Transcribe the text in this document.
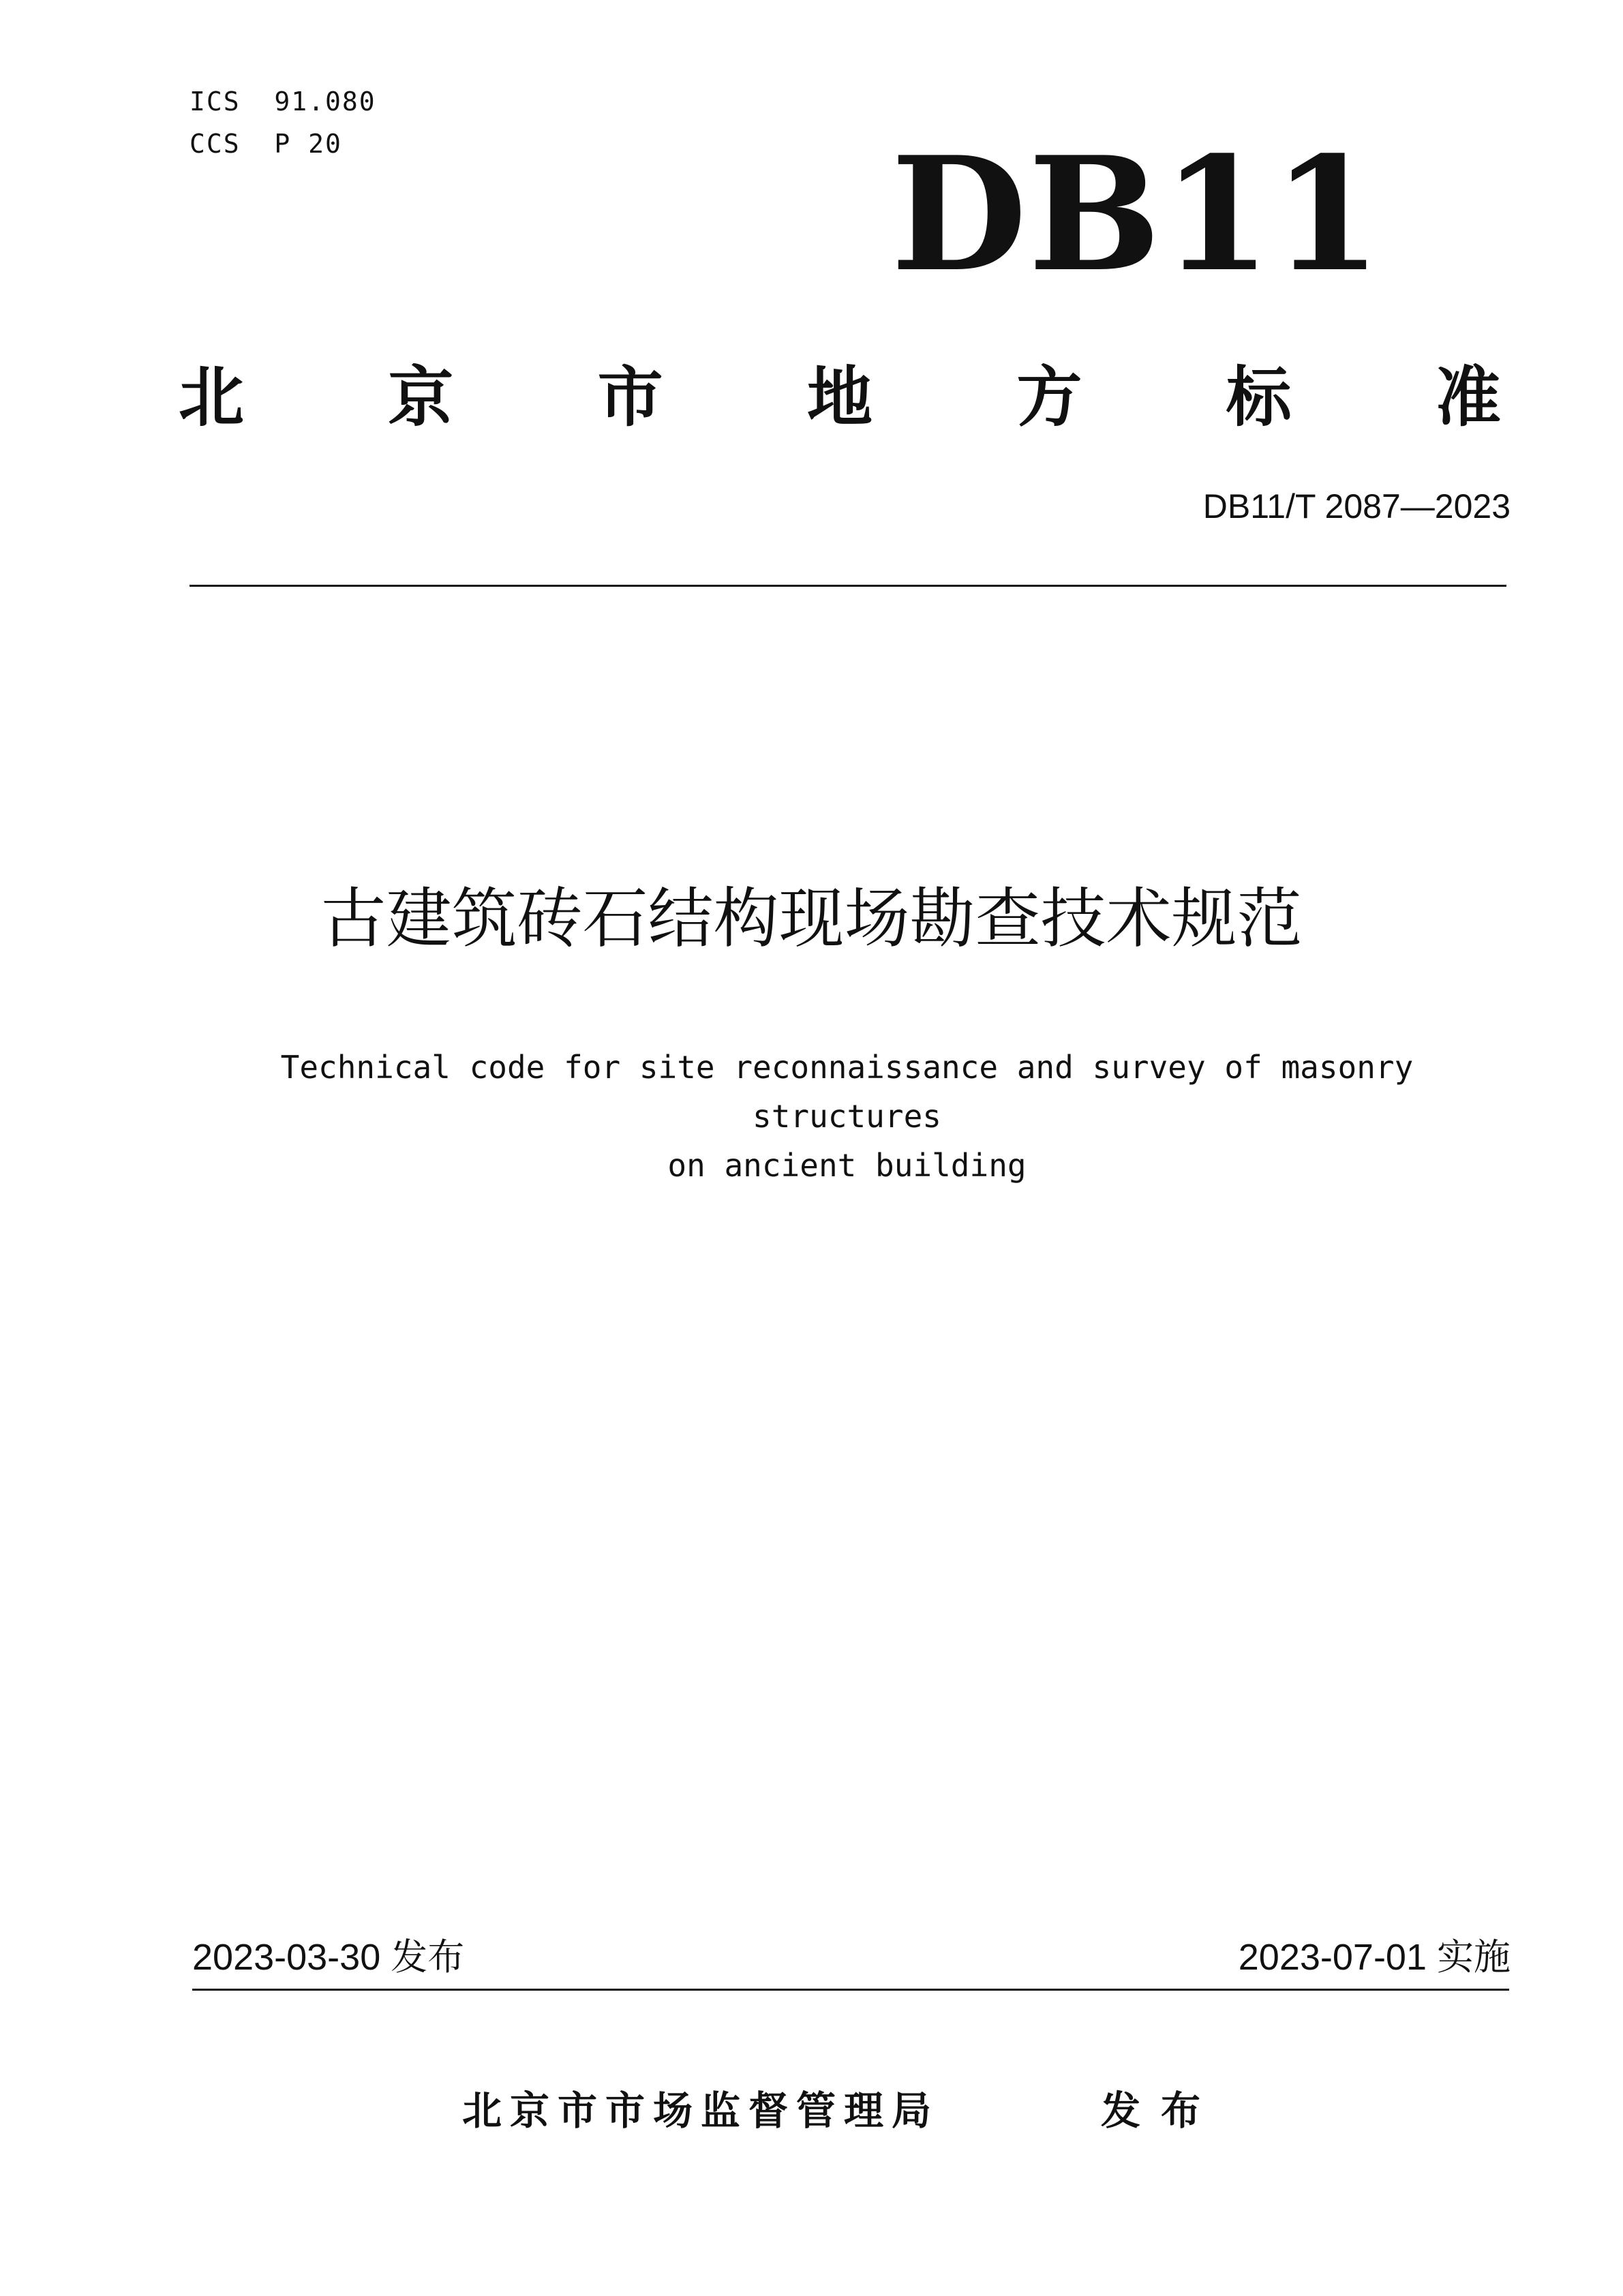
ICS  91.080
CCS  P 20	DB11
北 京 市 地 方 标 准
DB11/T 2087—2023
古建筑砖石结构现场勘查技术规范
Technical code for site reconnaissance and survey of masonry structures
on ancient building
2023-03-30 发布	2023-07-01 实施
北京市市场监督管理局	发布
